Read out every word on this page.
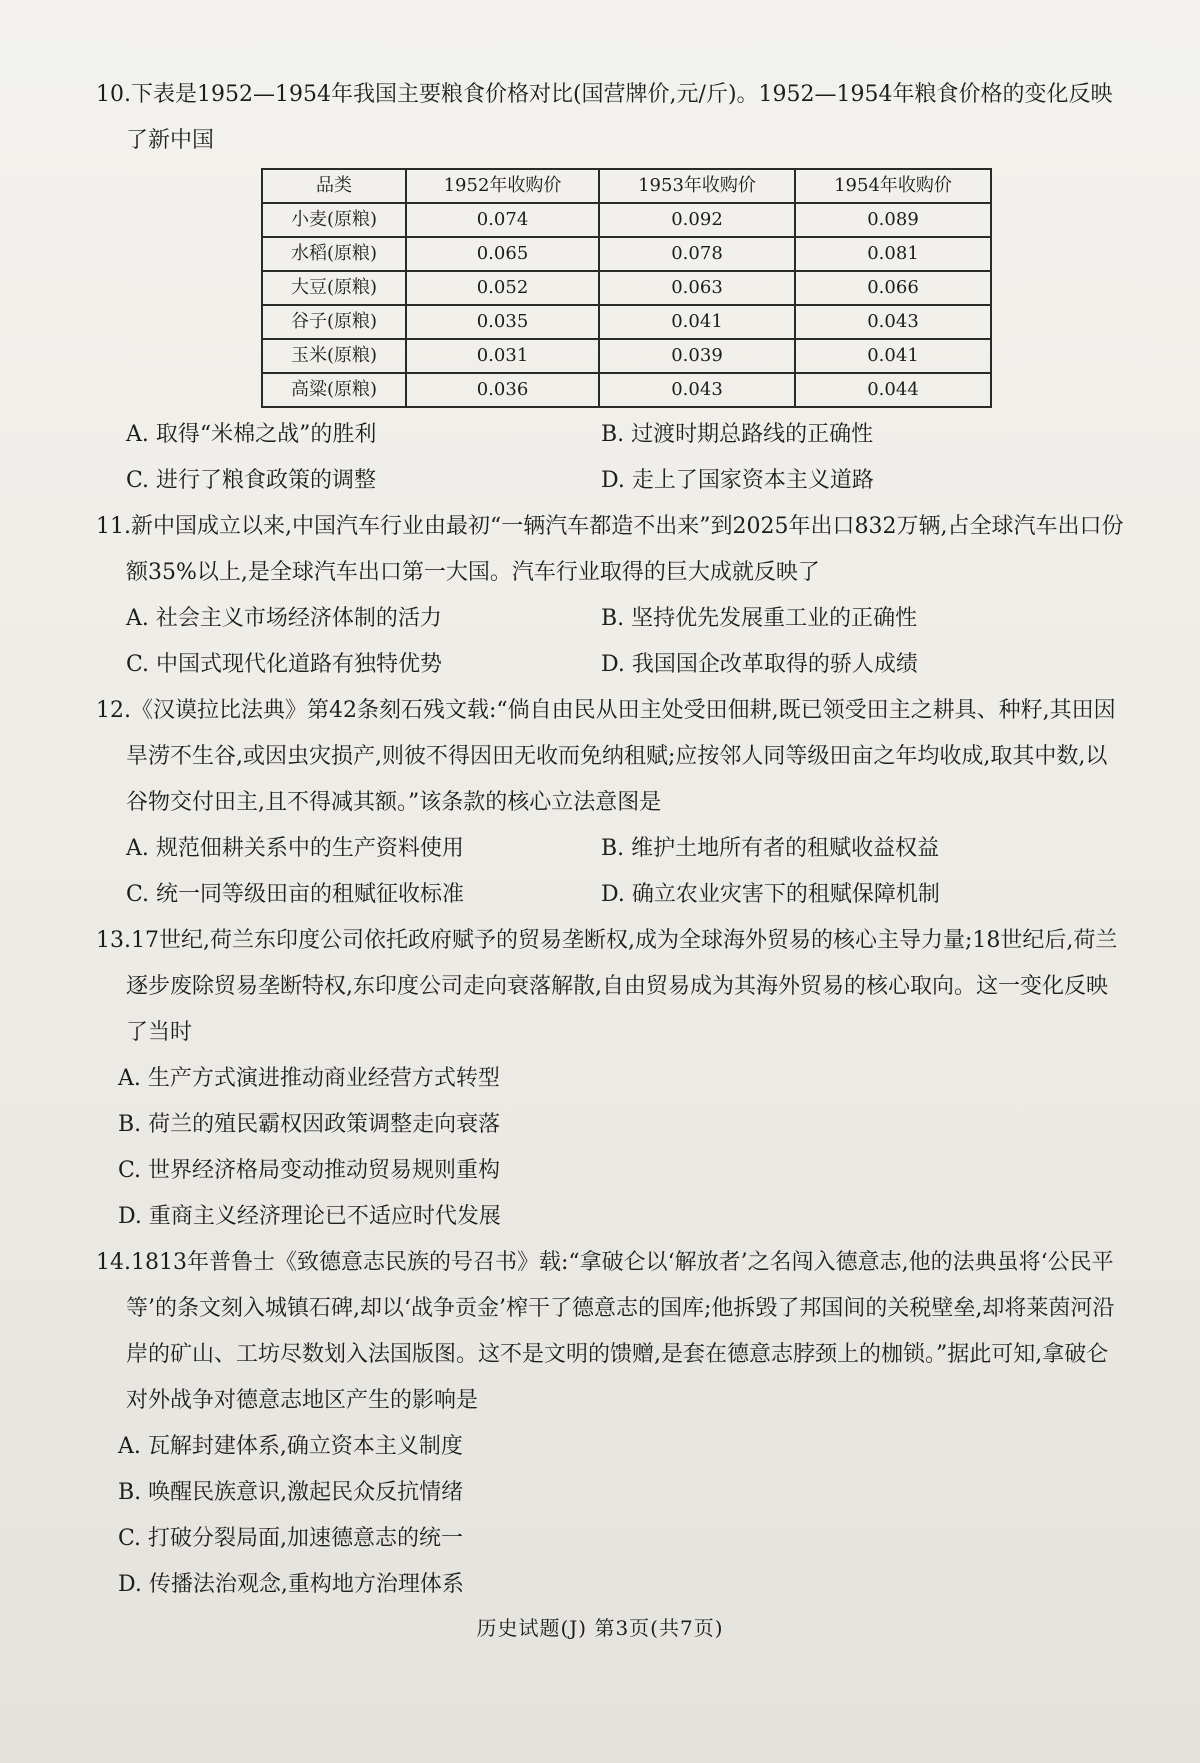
10.下表是1952—1954年我国主要粮食价格对比(国营牌价,元/斤)。1952—1954年粮食价格的变化反映了新中国
品类	1952年收购价	1953年收购价	1954年收购价
小麦(原粮)	0.074	0.092	0.089
水稻(原粮)	0.065	0.078	0.081
大豆(原粮)	0.052	0.063	0.066
谷子(原粮)	0.035	0.041	0.043
玉米(原粮)	0.031	0.039	0.041
高粱(原粮)	0.036	0.043	0.044
A. 取得“米棉之战”的胜利	B. 过渡时期总路线的正确性
C. 进行了粮食政策的调整	D. 走上了国家资本主义道路
11.新中国成立以来,中国汽车行业由最初“一辆汽车都造不出来”到2025年出口832万辆,占全球汽车出口份额35%以上,是全球汽车出口第一大国。汽车行业取得的巨大成就反映了
A. 社会主义市场经济体制的活力	B. 坚持优先发展重工业的正确性
C. 中国式现代化道路有独特优势	D. 我国国企改革取得的骄人成绩
12.《汉谟拉比法典》第42条刻石残文载:“倘自由民从田主处受田佃耕,既已领受田主之耕具、种籽,其田因旱涝不生谷,或因虫灾损产,则彼不得因田无收而免纳租赋;应按邻人同等级田亩之年均收成,取其中数,以谷物交付田主,且不得减其额。”该条款的核心立法意图是
A. 规范佃耕关系中的生产资料使用	B. 维护土地所有者的租赋收益权益
C. 统一同等级田亩的租赋征收标准	D. 确立农业灾害下的租赋保障机制
13.17世纪,荷兰东印度公司依托政府赋予的贸易垄断权,成为全球海外贸易的核心主导力量;18世纪后,荷兰逐步废除贸易垄断特权,东印度公司走向衰落解散,自由贸易成为其海外贸易的核心取向。这一变化反映了当时
A. 生产方式演进推动商业经营方式转型
B. 荷兰的殖民霸权因政策调整走向衰落
C. 世界经济格局变动推动贸易规则重构
D. 重商主义经济理论已不适应时代发展
14.1813年普鲁士《致德意志民族的号召书》载:“拿破仑以‘解放者’之名闯入德意志,他的法典虽将‘公民平等’的条文刻入城镇石碑,却以‘战争贡金’榨干了德意志的国库;他拆毁了邦国间的关税壁垒,却将莱茵河沿岸的矿山、工坊尽数划入法国版图。这不是文明的馈赠,是套在德意志脖颈上的枷锁。”据此可知,拿破仑对外战争对德意志地区产生的影响是
A. 瓦解封建体系,确立资本主义制度
B. 唤醒民族意识,激起民众反抗情绪
C. 打破分裂局面,加速德意志的统一
D. 传播法治观念,重构地方治理体系
历史试题(J) 第3页(共7页)
